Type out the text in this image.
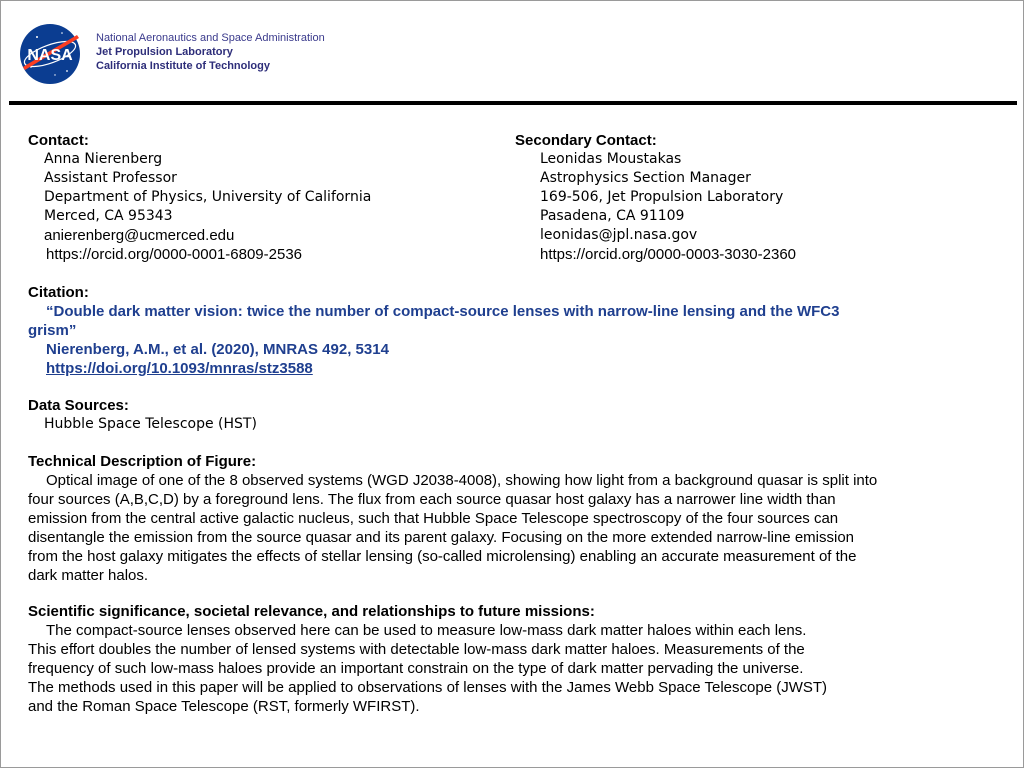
NASA
National Aeronautics and Space Administration
Jet Propulsion Laboratory
California Institute of Technology
Contact:
Anna Nierenberg
Assistant Professor
Department of Physics, University of California
Merced, CA 95343
anierenberg@ucmerced.edu
https://orcid.org/0000-0001-6809-2536
Secondary Contact:
Leonidas Moustakas
Astrophysics Section Manager
169-506, Jet Propulsion Laboratory
Pasadena, CA 91109
leonidas@jpl.nasa.gov
https://orcid.org/0000-0003-3030-2360
Citation:
“Double dark matter vision: twice the number of compact-source lenses with narrow-line lensing and the WFC3
grism”
Nierenberg, A.M., et al. (2020), MNRAS 492, 5314
https://doi.org/10.1093/mnras/stz3588
Data Sources:
Hubble Space Telescope (HST)
Technical Description of Figure:
Optical image of one of the 8 observed systems (WGD J2038-4008), showing how light from a background quasar is split into
four sources (A,B,C,D) by a foreground lens. The flux from each source quasar host galaxy has a narrower line width than
emission from the central active galactic nucleus, such that Hubble Space Telescope spectroscopy of the four sources can
disentangle the emission from the source quasar and its parent galaxy. Focusing on the more extended narrow-line emission
from the host galaxy mitigates the effects of stellar lensing (so-called microlensing) enabling an accurate measurement of the
dark matter halos.
Scientific significance, societal relevance, and relationships to future missions:
The compact-source lenses observed here can be used to measure low-mass dark matter haloes within each lens.
This effort doubles the number of lensed systems with detectable low-mass dark matter haloes. Measurements of the
frequency of such low-mass haloes provide an important constrain on the type of dark matter pervading the universe.
The methods used in this paper will be applied to observations of lenses with the James Webb Space Telescope (JWST)
and the Roman Space Telescope (RST, formerly WFIRST).
